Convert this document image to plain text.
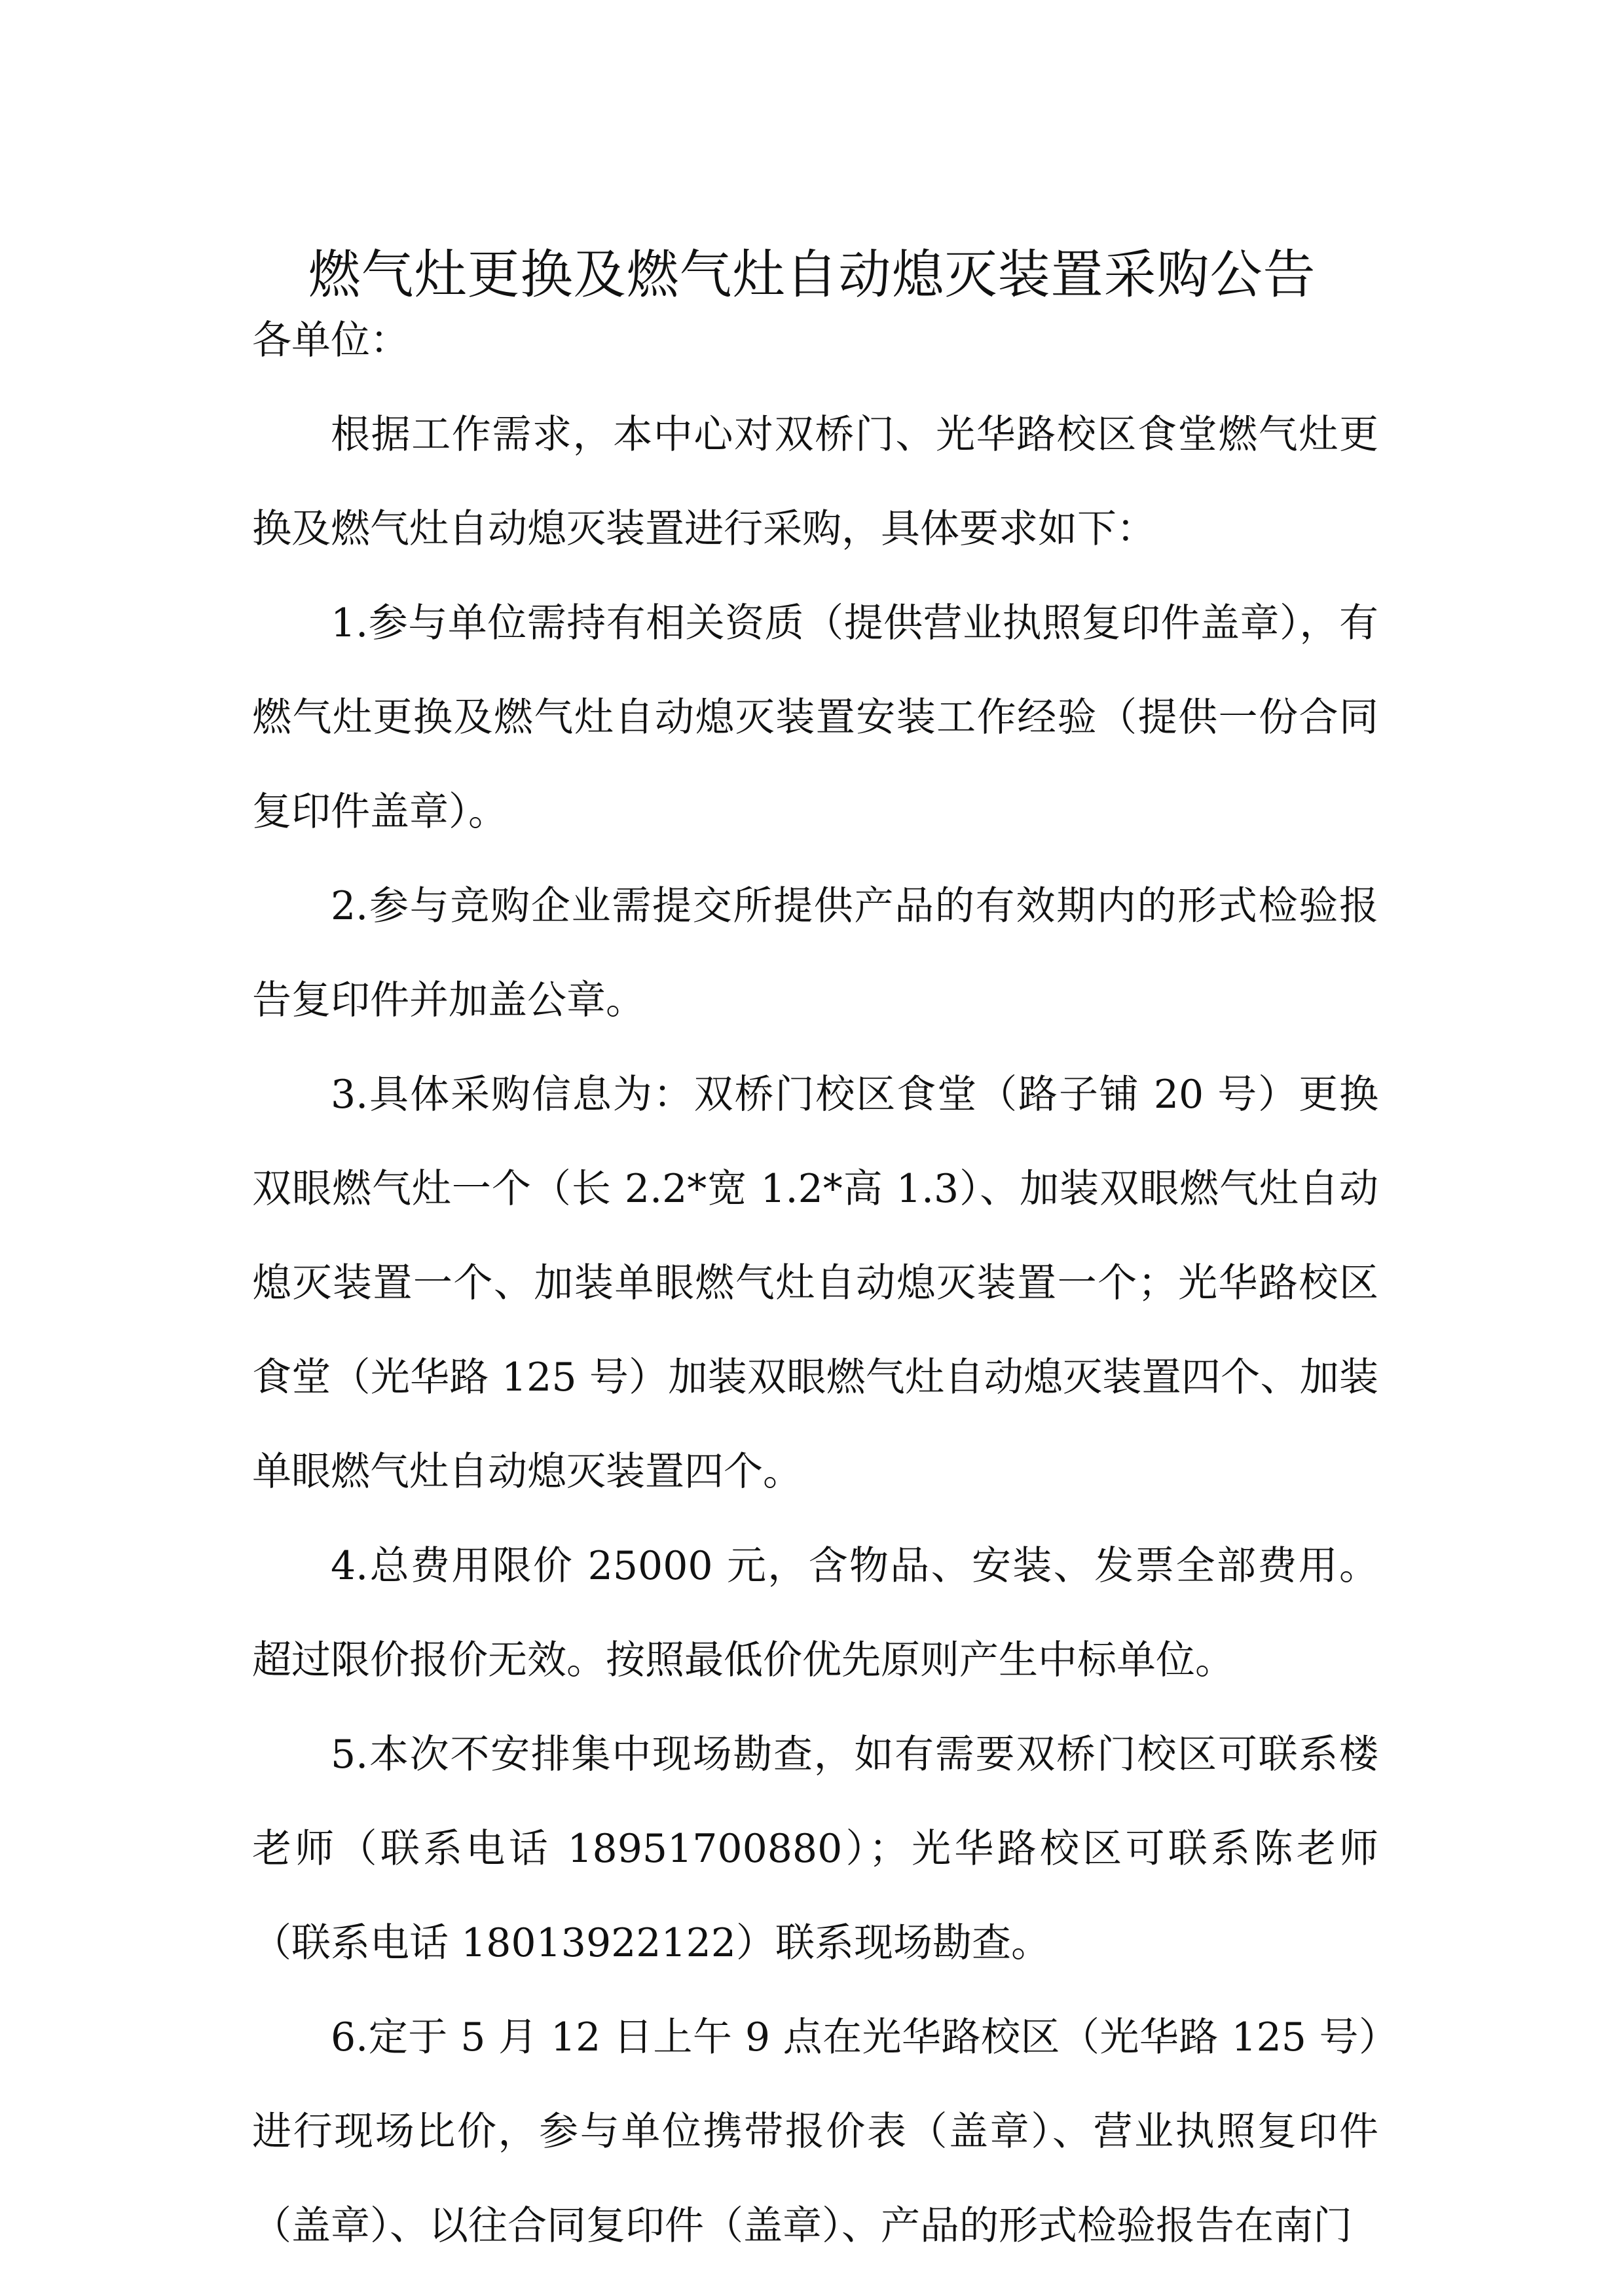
燃气灶更换及燃气灶自动熄灭装置采购公告

各单位：

根据工作需求，本中心对双桥门、光华路校区食堂燃气灶更换及燃气灶自动熄灭装置进行采购，具体要求如下：

1.参与单位需持有相关资质（提供营业执照复印件盖章），有燃气灶更换及燃气灶自动熄灭装置安装工作经验（提供一份合同复印件盖章）。

2.参与竞购企业需提交所提供产品的有效期内的形式检验报告复印件并加盖公章。

3.具体采购信息为：双桥门校区食堂（路子铺 20 号）更换双眼燃气灶一个（长 2.2*宽 1.2*高 1.3）、加装双眼燃气灶自动熄灭装置一个、加装单眼燃气灶自动熄灭装置一个；光华路校区食堂（光华路 125 号）加装双眼燃气灶自动熄灭装置四个、加装单眼燃气灶自动熄灭装置四个。

4.总费用限价 25000 元，含物品、安装、发票全部费用。超过限价报价无效。按照最低价优先原则产生中标单位。

5.本次不安排集中现场勘查，如有需要双桥门校区可联系楼老师（联系电话 18951700880）；光华路校区可联系陈老师（联系电话 18013922122）联系现场勘查。

6.定于 5 月 12 日上午 9 点在光华路校区（光华路 125 号）进行现场比价，参与单位携带报价表（盖章）、营业执照复印件（盖章）、以往合同复印件（盖章）、产品的形式检验报告在南门
